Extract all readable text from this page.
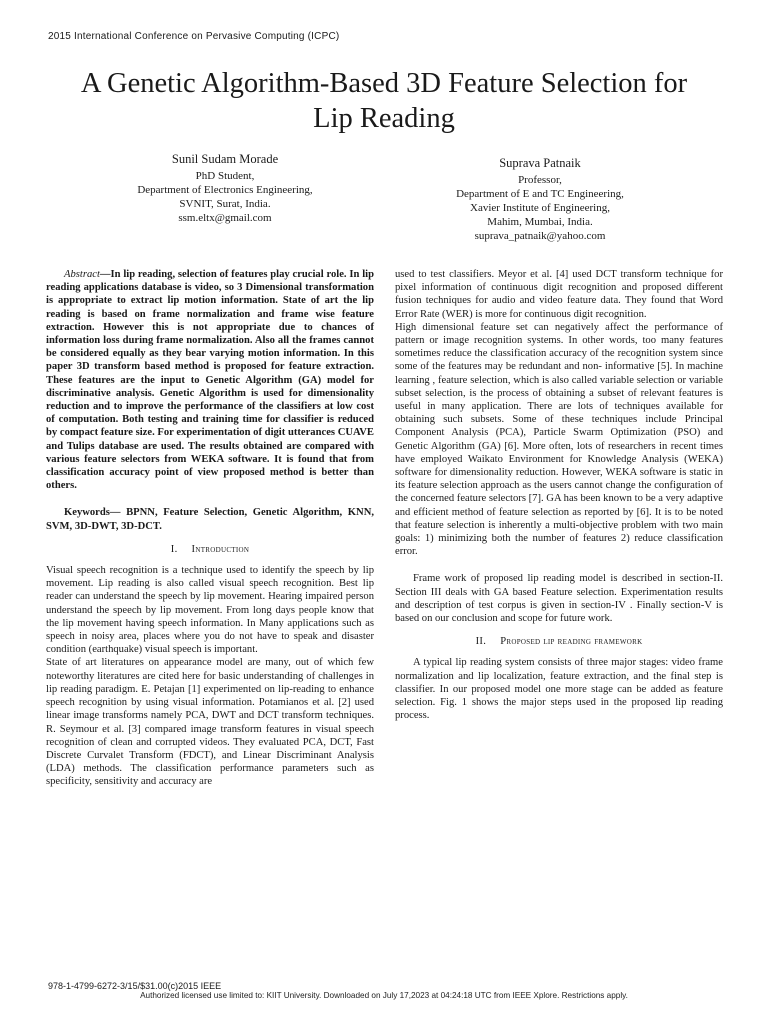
2015 International Conference on Pervasive Computing (ICPC)
A Genetic Algorithm-Based 3D Feature Selection for
Lip Reading
Sunil Sudam Morade
PhD Student,
Department of Electronics Engineering,
SVNIT, Surat, India.
ssm.eltx@gmail.com
Suprava Patnaik
Professor,
Department of E and TC Engineering,
Xavier Institute of Engineering,
Mahim, Mumbai, India.
suprava_patnaik@yahoo.com

Abstract—In lip reading, selection of features play crucial role. In lip reading applications database is video, so 3 Dimensional transformation is appropriate to extract lip motion information. State of art the lip reading is based on frame normalization and frame wise feature extraction. However this is not appropriate due to chances of information loss during frame normalization. Also all the frames cannot be considered equally as they bear varying motion information. In this paper 3D transform based method is proposed for feature extraction. These features are the input to Genetic Algorithm (GA) model for discriminative analysis. Genetic Algorithm is used for dimensionality reduction and to improve the performance of the classifiers at low cost of computation. Both testing and training time for classifier is reduced by compact feature size. For experimentation of digit utterances CUAVE and Tulips database are used. The results obtained are compared with various feature selectors from WEKA software. It is found that from classification accuracy point of view proposed method is better than others.

Keywords— BPNN, Feature Selection, Genetic Algorithm, KNN, SVM, 3D-DWT, 3D-DCT.

I. Introduction

Visual speech recognition is a technique used to identify the speech by lip movement. Lip reading is also called visual speech recognition. Best lip reader can understand the speech by lip movement. Hearing impaired person understand the speech by lip movement. From long days people know that the lip movement having speech information. In Many applications such as speech in noisy area, places where you do not have to speak and disaster condition (earthquake) visual speech is important.

State of art literatures on appearance model are many, out of which few noteworthy literatures are cited here for basic understanding of challenges in lip reading paradigm. E. Petajan [1] experimented on lip-reading to enhance speech recognition by using visual information. Potamianos et al. [2] used linear image transforms namely PCA, DWT and DCT transform techniques. R. Seymour et al. [3] compared image transform features in visual speech recognition of clean and corrupted videos. They evaluated PCA, DCT, Fast Discrete Curvalet Transform (FDCT), and Linear Discriminant Analysis (LDA) methods. The classification performance parameters such as specificity, sensitivity and accuracy are

used to test classifiers. Meyor et al. [4] used DCT transform technique for pixel information of continuous digit recognition and proposed different fusion techniques for audio and video feature data. They found that Word Error Rate (WER) is more for continuous digit recognition.

High dimensional feature set can negatively affect the performance of pattern or image recognition systems. In other words, too many features sometimes reduce the classification accuracy of the recognition system since some of the features may be redundant and non- informative [5]. In machine learning , feature selection, which is also called variable selection or variable subset selection, is the process of obtaining a subset of relevant features is useful in many application. There are lots of techniques available for obtaining such subsets. Some of these techniques include Principal Component Analysis (PCA), Particle Swarm Optimization (PSO) and Genetic Algorithm (GA) [6]. More often, lots of researchers in recent times have employed Waikato Environment for Knowledge Analysis (WEKA) software for dimensionality reduction. However, WEKA software is static in its feature selection approach as the users cannot change the configuration of the concerned feature selectors [7]. GA has been known to be a very adaptive and efficient method of feature selection as reported by [6]. It is to be noted that feature selection is inherently a multi-objective problem with two main goals: 1) minimizing both the number of features 2) reduce classification error.

Frame work of proposed lip reading model is described in section-II. Section III deals with GA based Feature selection. Experimentation results and description of test corpus is given in section-IV . Finally section-V is based on our conclusion and scope for future work.

II. Proposed lip reading framework

A typical lip reading system consists of three major stages: video frame normalization and lip localization, feature extraction, and the final step is classifier. In our proposed model one more stage can be added as feature selection. Fig. 1 shows the major steps used in the proposed lip reading process.

978-1-4799-6272-3/15/$31.00(c)2015 IEEE
Authorized licensed use limited to: KIIT University. Downloaded on July 17,2023 at 04:24:18 UTC from IEEE Xplore. Restrictions apply.
